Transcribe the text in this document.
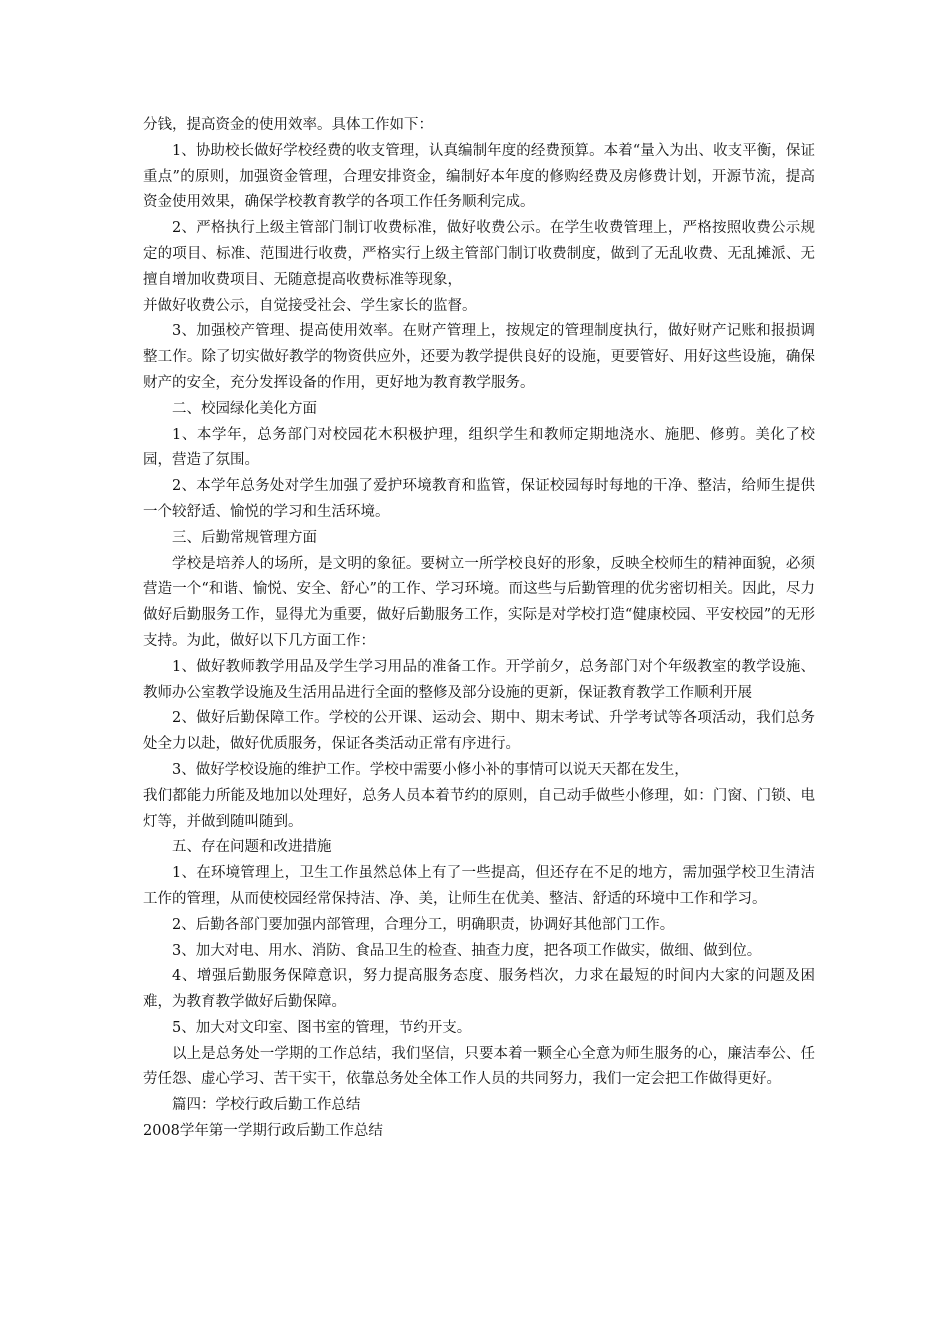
分钱，提高资金的使用效率。具体工作如下：

1、协助校长做好学校经费的收支管理，认真编制年度的经费预算。本着“量入为出、收支平衡，保证重点”的原则，加强资金管理，合理安排资金，编制好本年度的修购经费及房修费计划，开源节流，提高资金使用效果，确保学校教育教学的各项工作任务顺利完成。

2、严格执行上级主管部门制订收费标准，做好收费公示。在学生收费管理上，严格按照收费公示规定的项目、标准、范围进行收费，严格实行上级主管部门制订收费制度，做到了无乱收费、无乱摊派、无擅自增加收费项目、无随意提高收费标准等现象，

并做好收费公示，自觉接受社会、学生家长的监督。

3、加强校产管理、提高使用效率。在财产管理上，按规定的管理制度执行，做好财产记账和报损调整工作。除了切实做好教学的物资供应外，还要为教学提供良好的设施，更要管好、用好这些设施，确保财产的安全，充分发挥设备的作用，更好地为教育教学服务。

二、校园绿化美化方面

1、本学年，总务部门对校园花木积极护理，组织学生和教师定期地浇水、施肥、修剪。美化了校园，营造了氛围。

2、本学年总务处对学生加强了爱护环境教育和监管，保证校园每时每地的干净、整洁，给师生提供一个较舒适、愉悦的学习和生活环境。

三、后勤常规管理方面

学校是培养人的场所，是文明的象征。要树立一所学校良好的形象，反映全校师生的精神面貌，必须营造一个“和谐、愉悦、安全、舒心”的工作、学习环境。而这些与后勤管理的优劣密切相关。因此，尽力做好后勤服务工作，显得尤为重要，做好后勤服务工作，实际是对学校打造“健康校园、平安校园”的无形支持。为此，做好以下几方面工作：

1、做好教师教学用品及学生学习用品的准备工作。开学前夕，总务部门对个年级教室的教学设施、教师办公室教学设施及生活用品进行全面的整修及部分设施的更新，保证教育教学工作顺利开展

2、做好后勤保障工作。学校的公开课、运动会、期中、期末考试、升学考试等各项活动，我们总务处全力以赴，做好优质服务，保证各类活动正常有序进行。

3、做好学校设施的维护工作。学校中需要小修小补的事情可以说天天都在发生，

我们都能力所能及地加以处理好，总务人员本着节约的原则，自己动手做些小修理，如：门窗、门锁、电灯等，并做到随叫随到。

五、存在问题和改进措施

1、在环境管理上，卫生工作虽然总体上有了一些提高，但还存在不足的地方，需加强学校卫生清洁工作的管理，从而使校园经常保持洁、净、美，让师生在优美、整洁、舒适的环境中工作和学习。

2、后勤各部门要加强内部管理，合理分工，明确职责，协调好其他部门工作。

3、加大对电、用水、消防、食品卫生的检查、抽查力度，把各项工作做实，做细、做到位。

4、增强后勤服务保障意识，努力提高服务态度、服务档次，力求在最短的时间内大家的问题及困难，为教育教学做好后勤保障。

5、加大对文印室、图书室的管理，节约开支。

以上是总务处一学期的工作总结，我们坚信，只要本着一颗全心全意为师生服务的心，廉洁奉公、任劳任怨、虚心学习、苦干实干，依靠总务处全体工作人员的共同努力，我们一定会把工作做得更好。

篇四：学校行政后勤工作总结

2008学年第一学期行政后勤工作总结
